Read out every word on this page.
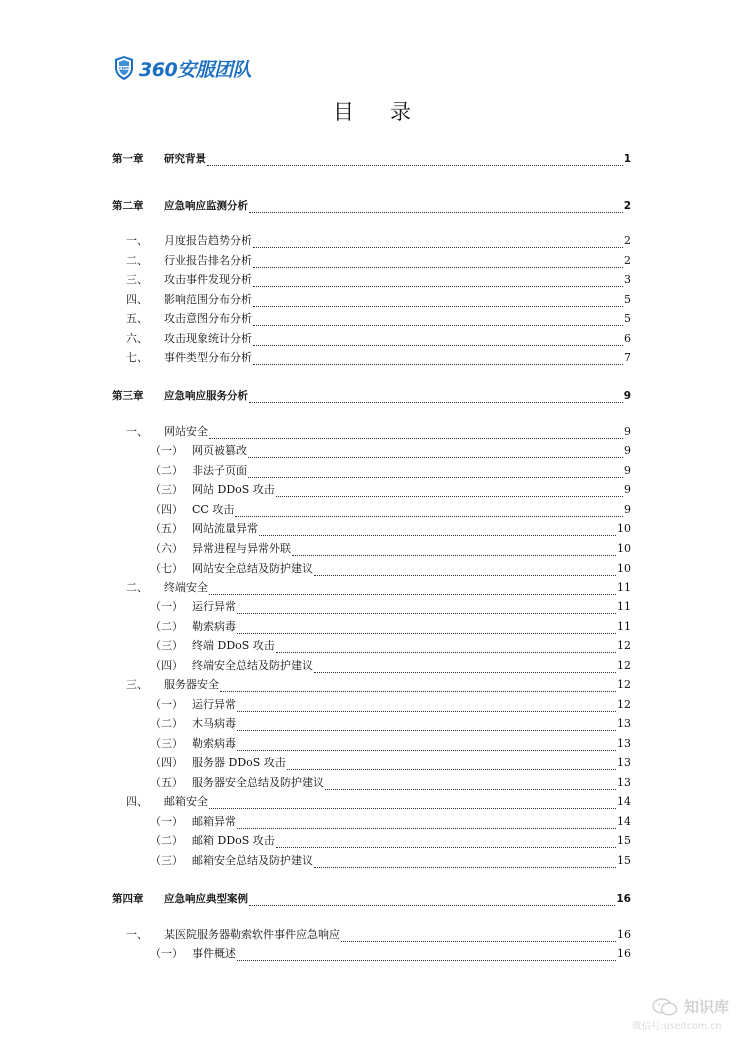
CERT 360安服团队
目录
第一章	研究背景	1
第二章	应急响应监测分析	2
一、	月度报告趋势分析	2
二、	行业报告排名分析	2
三、	攻击事件发现分析	3
四、	影响范围分布分析	5
五、	攻击意图分布分析	5
六、	攻击现象统计分析	6
七、	事件类型分布分析	7
第三章	应急响应服务分析	9
一、	网站安全	9
（一） 网页被篡改	9
（二） 非法子页面	9
（三） 网站 DDoS 攻击	9
（四） CC 攻击	9
（五） 网站流量异常	10
（六） 异常进程与异常外联	10
（七） 网站安全总结及防护建议	10
二、	终端安全	11
（一） 运行异常	11
（二） 勒索病毒	11
（三） 终端 DDoS 攻击	12
（四） 终端安全总结及防护建议	12
三、	服务器安全	12
（一） 运行异常	12
（二） 木马病毒	13
（三） 勒索病毒	13
（四） 服务器 DDoS 攻击	13
（五） 服务器安全总结及防护建议	13
四、	邮箱安全	14
（一） 邮箱异常	14
（二） 邮箱 DDoS 攻击	15
（三） 邮箱安全总结及防护建议	15
第四章	应急响应典型案例	16
一、	某医院服务器勒索软件事件应急响应	16
（一） 事件概述	16
知识库
微信号:useitcom.cn
